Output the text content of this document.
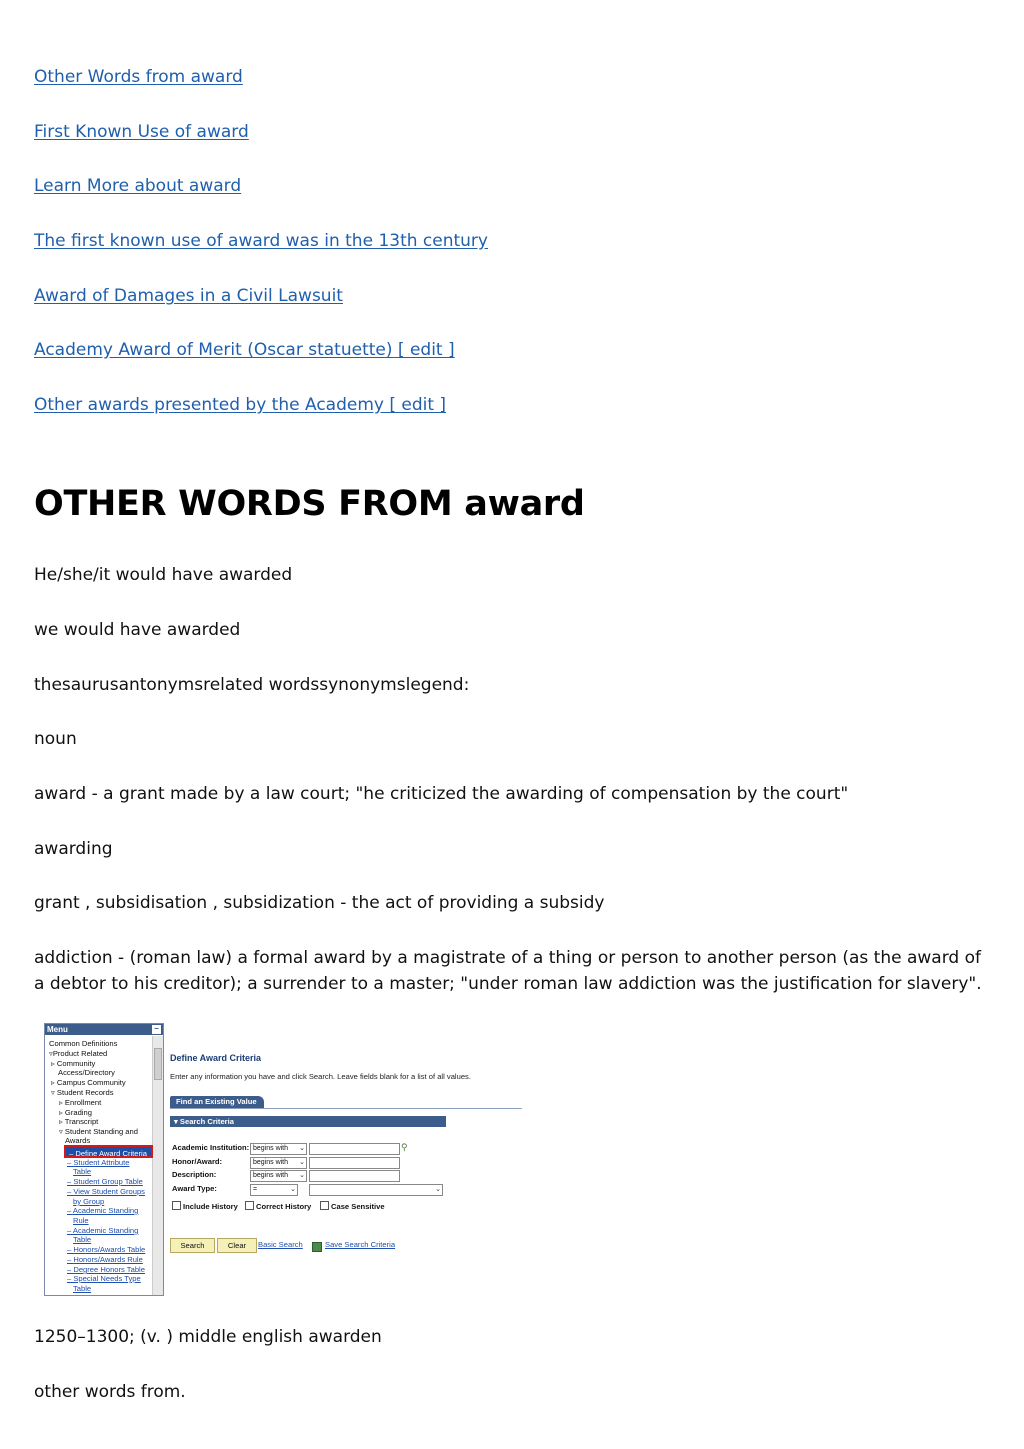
Other Words from award
First Known Use of award
Learn More about award
The first known use of award was in the 13th century
Award of Damages in a Civil Lawsuit
Academy Award of Merit (Oscar statuette) [ edit ]
Other awards presented by the Academy [ edit ]
OTHER WORDS FROM award
He/she/it would have awarded
we would have awarded
thesaurusantonymsrelated wordssynonymslegend:
noun
award - a grant made by a law court; "he criticized the awarding of compensation by the court"
awarding
grant , subsidisation , subsidization - the act of providing a subsidy
addiction - (roman law) a formal award by a magistrate of a thing or person to another person (as the award of a debtor to his creditor); a surrender to a master; "under roman law addiction was the justification for slavery".
Menu	−
Common Definitions
▿Product Related
▹ Community
Access/Directory
▹ Campus Community
▿ Student Records
▹ Enrollment
▹ Grading
▹ Transcript
▿ Student Standing and
Awards
– Define Award Criteria
– Student Attribute
Table
– Student Group Table
– View Student Groups
by Group
– Academic Standing
Rule
– Academic Standing
Table
– Honors/Awards Table
– Honors/Awards Rule
– Degree Honors Table
– Special Needs Type
Table
Define Award Criteria
Enter any information you have and click Search. Leave fields blank for a list of all values.
Find an Existing Value
▾ Search Criteria
Academic Institution: begins with ⌄	⚲
Honor/Award:	begins with ⌄
Description:	begins with ⌄
Award Type:	=	⌄	⌄
Include History	Correct History	Case Sensitive
Search	Clear	Basic Search	Save Search Criteria
1250–1300; (v. ) middle english awarden
other words from.
